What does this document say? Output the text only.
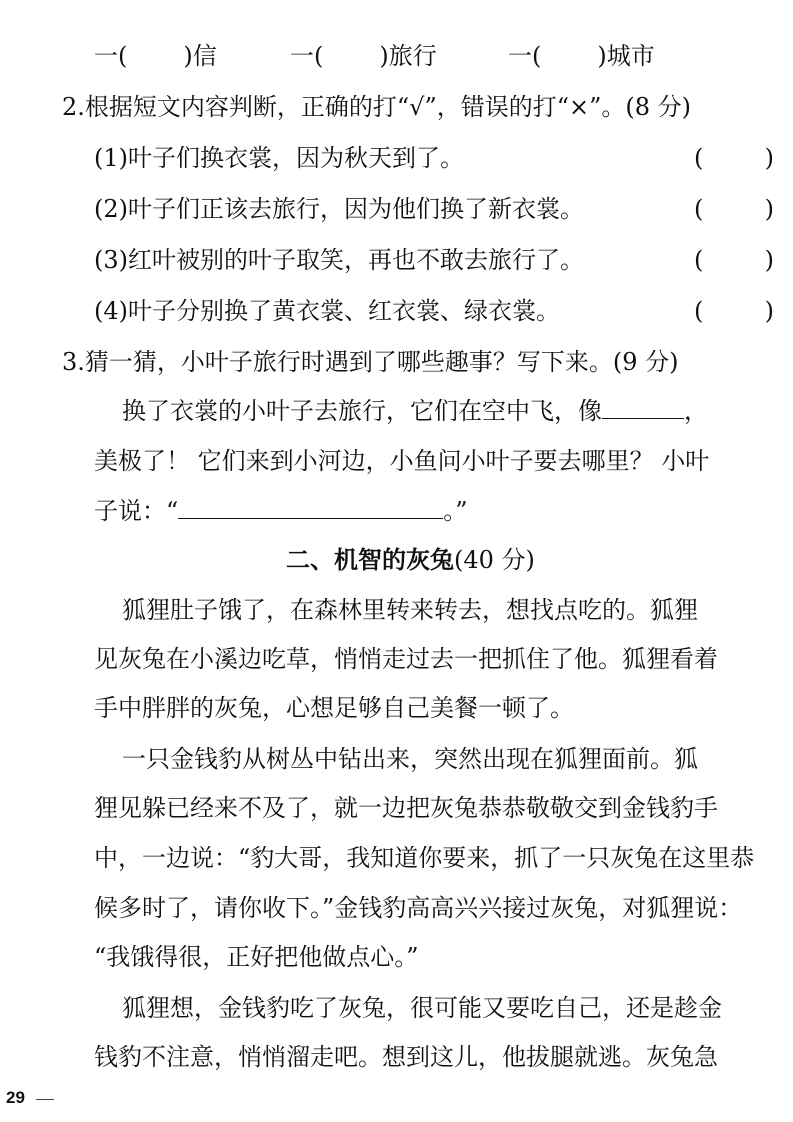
一( )信	一( )旅行	一( )城市
2.根据短文内容判断，正确的打“√”，错误的打“×”。(8 分)
(1)叶子们换衣裳，因为秋天到了。	(	)
(2)叶子们正该去旅行，因为他们换了新衣裳。	(	)
(3)红叶被别的叶子取笑，再也不敢去旅行了。	(	)
(4)叶子分别换了黄衣裳、红衣裳、绿衣裳。	(	)
3.猜一猜，小叶子旅行时遇到了哪些趣事？写下来。(9 分)
换了衣裳的小叶子去旅行，它们在空中飞，像	，
美极了！ 它们来到小河边，小鱼问小叶子要去哪里？ 小叶
子说：“	。”
二、机智的灰兔(40 分)
狐狸肚子饿了，在森林里转来转去，想找点吃的。狐狸
见灰兔在小溪边吃草，悄悄走过去一把抓住了他。狐狸看着
手中胖胖的灰兔，心想足够自己美餐一顿了。
一只金钱豹从树丛中钻出来，突然出现在狐狸面前。狐
狸见躲已经来不及了，就一边把灰兔恭恭敬敬交到金钱豹手
中，一边说：“豹大哥，我知道你要来，抓了一只灰兔在这里恭
候多时了，请你收下。”金钱豹高高兴兴接过灰兔，对狐狸说：
“我饿得很，正好把他做点心。”
狐狸想，金钱豹吃了灰兔，很可能又要吃自己，还是趁金
钱豹不注意，悄悄溜走吧。想到这儿，他拔腿就逃。灰兔急
29
